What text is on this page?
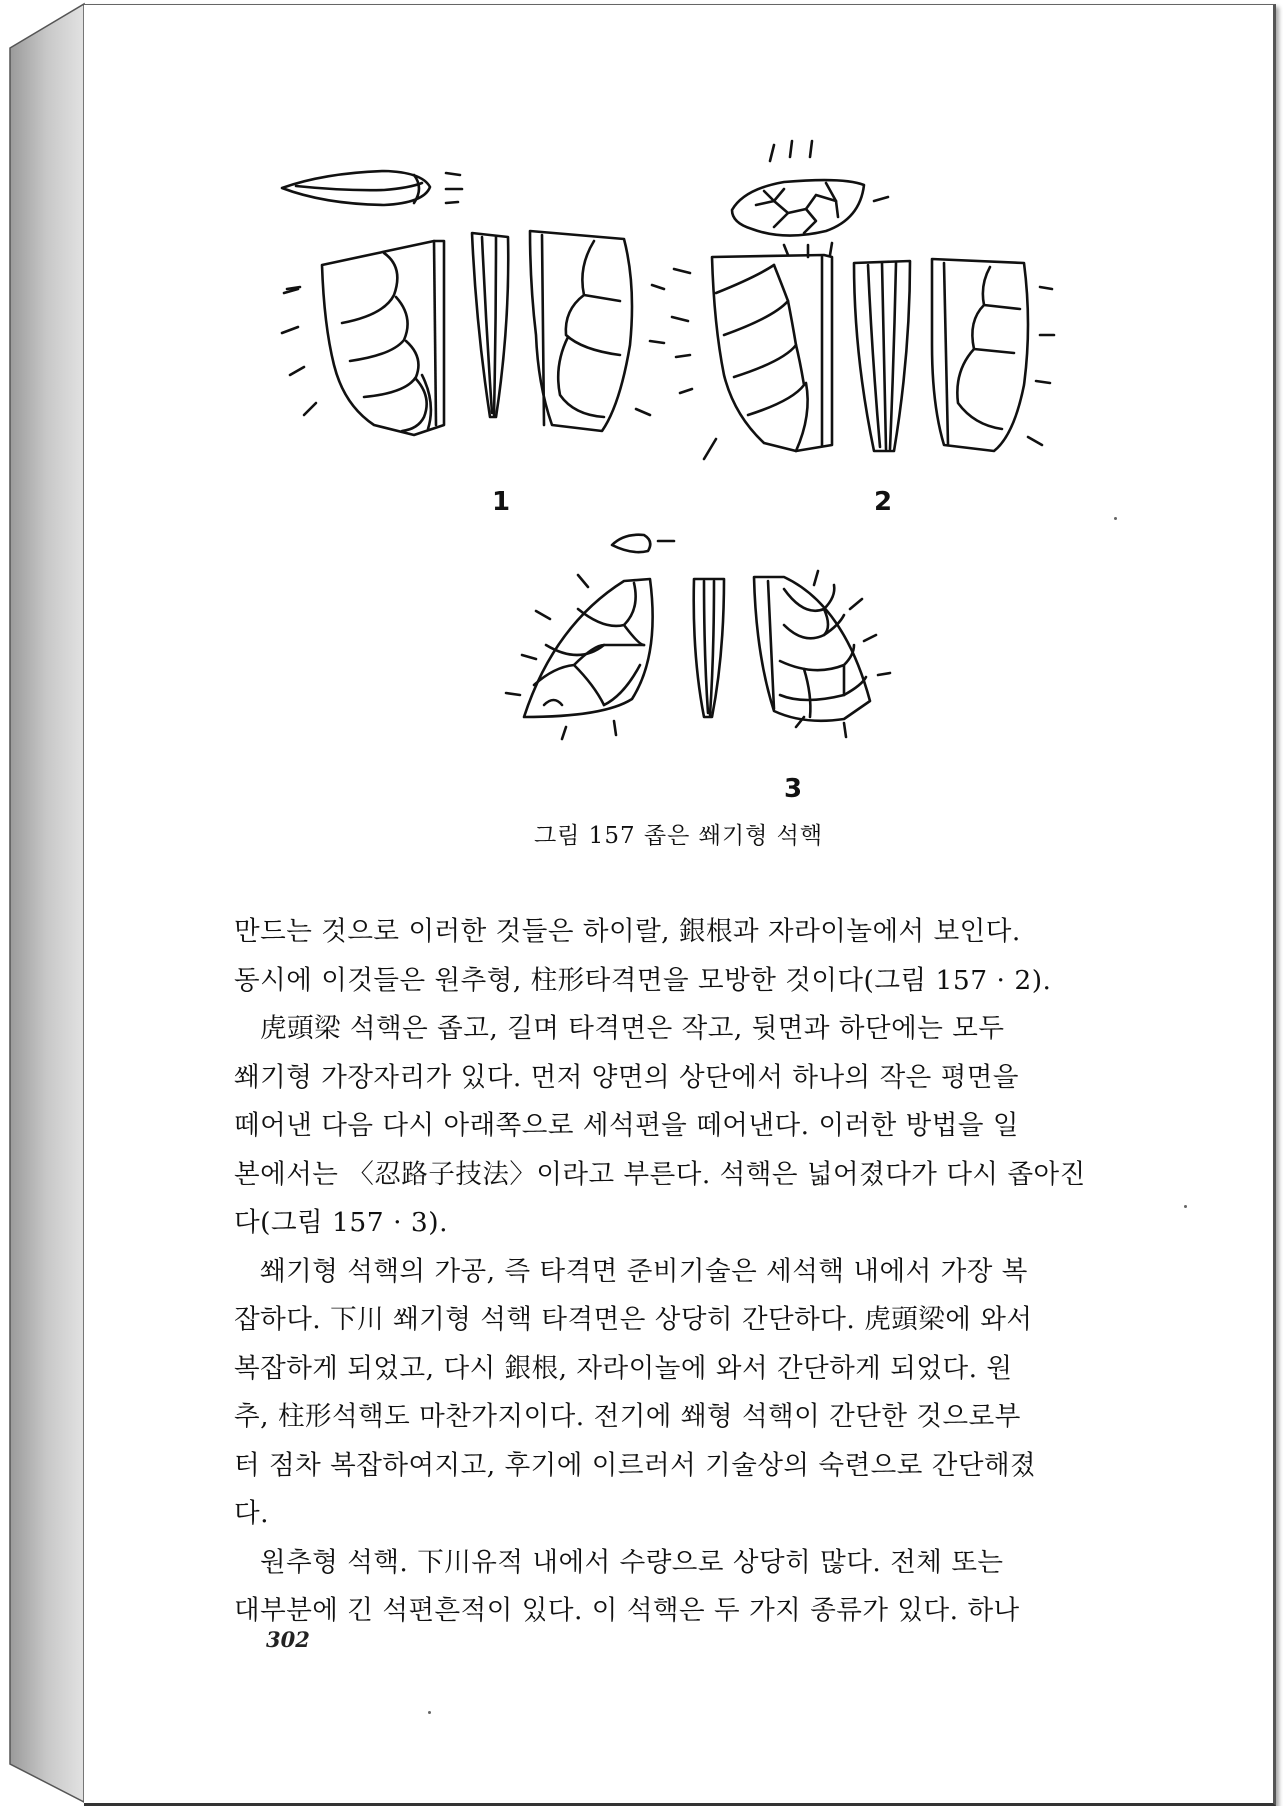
1	2
3
그림 157 좁은 쐐기형 석핵
만드는 것으로 이러한 것들은 하이랄, 銀根과 자라이놀에서 보인다.
동시에 이것들은 원추형, 柱形타격면을 모방한 것이다(그림 157 · 2).
虎頭梁 석핵은 좁고, 길며 타격면은 작고, 뒷면과 하단에는 모두
쐐기형 가장자리가 있다. 먼저 양면의 상단에서 하나의 작은 평면을
떼어낸 다음 다시 아래쪽으로 세석편을 떼어낸다. 이러한 방법을 일
본에서는 〈忍路子技法〉이라고 부른다. 석핵은 넓어졌다가 다시 좁아진
다(그림 157 · 3).
쐐기형 석핵의 가공, 즉 타격면 준비기술은 세석핵 내에서 가장 복
잡하다. 下川 쐐기형 석핵 타격면은 상당히 간단하다. 虎頭梁에 와서
복잡하게 되었고, 다시 銀根, 자라이놀에 와서 간단하게 되었다. 원
추, 柱形석핵도 마찬가지이다. 전기에 쐐형 석핵이 간단한 것으로부
터 점차 복잡하여지고, 후기에 이르러서 기술상의 숙련으로 간단해졌
다.
원추형 석핵. 下川유적 내에서 수량으로 상당히 많다. 전체 또는
대부분에 긴 석편흔적이 있다. 이 석핵은 두 가지 종류가 있다. 하나
302
